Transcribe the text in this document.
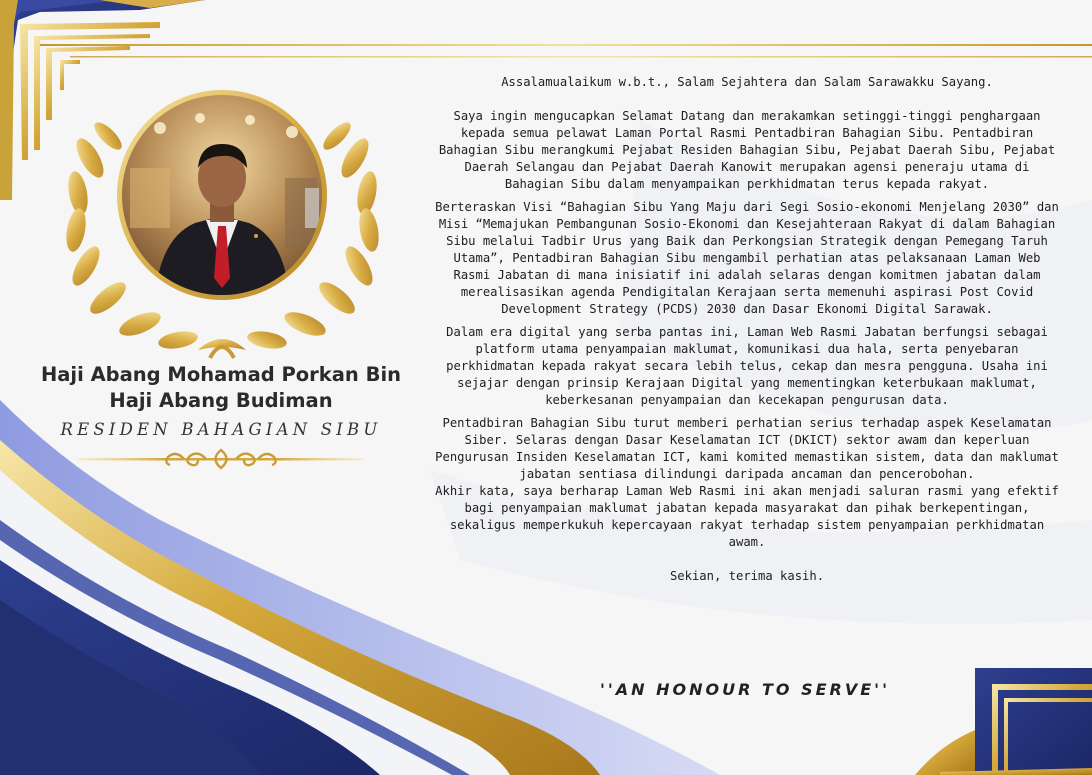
Haji Abang Mohamad Porkan Bin Haji Abang Budiman
RESIDEN BAHAGIAN SIBU

Assalamualaikum w.b.t., Salam Sejahtera dan Salam Sarawakku Sayang.

Saya ingin mengucapkan Selamat Datang dan merakamkan setinggi-tinggi penghargaan kepada semua pelawat Laman Portal Rasmi Pentadbiran Bahagian Sibu. Pentadbiran Bahagian Sibu merangkumi Pejabat Residen Bahagian Sibu, Pejabat Daerah Sibu, Pejabat Daerah Selangau dan Pejabat Daerah Kanowit merupakan agensi peneraju utama di Bahagian Sibu dalam menyampaikan perkhidmatan terus kepada rakyat.

Berteraskan Visi “Bahagian Sibu Yang Maju dari Segi Sosio-ekonomi Menjelang 2030” dan Misi “Memajukan Pembangunan Sosio-Ekonomi dan Kesejahteraan Rakyat di dalam Bahagian Sibu melalui Tadbir Urus yang Baik dan Perkongsian Strategik dengan Pemegang Taruh Utama”, Pentadbiran Bahagian Sibu mengambil perhatian atas pelaksanaan Laman Web Rasmi Jabatan di mana inisiatif ini adalah selaras dengan komitmen jabatan dalam merealisasikan agenda Pendigitalan Kerajaan serta memenuhi aspirasi Post Covid Development Strategy (PCDS) 2030 dan Dasar Ekonomi Digital Sarawak.

Dalam era digital yang serba pantas ini, Laman Web Rasmi Jabatan berfungsi sebagai platform utama penyampaian maklumat, komunikasi dua hala, serta penyebaran perkhidmatan kepada rakyat secara lebih telus, cekap dan mesra pengguna. Usaha ini sejajar dengan prinsip Kerajaan Digital yang mementingkan keterbukaan maklumat, keberkesanan penyampaian dan kecekapan pengurusan data.

Pentadbiran Bahagian Sibu turut memberi perhatian serius terhadap aspek Keselamatan Siber. Selaras dengan Dasar Keselamatan ICT (DKICT) sektor awam dan keperluan Pengurusan Insiden Keselamatan ICT, kami komited memastikan sistem, data dan maklumat jabatan sentiasa dilindungi daripada ancaman dan pencerobohan.

Akhir kata, saya berharap Laman Web Rasmi ini akan menjadi saluran rasmi yang efektif bagi penyampaian maklumat jabatan kepada masyarakat dan pihak berkepentingan, sekaligus memperkukuh kepercayaan rakyat terhadap sistem penyampaian perkhidmatan awam.

Sekian, terima kasih.

''AN HONOUR TO SERVE''
